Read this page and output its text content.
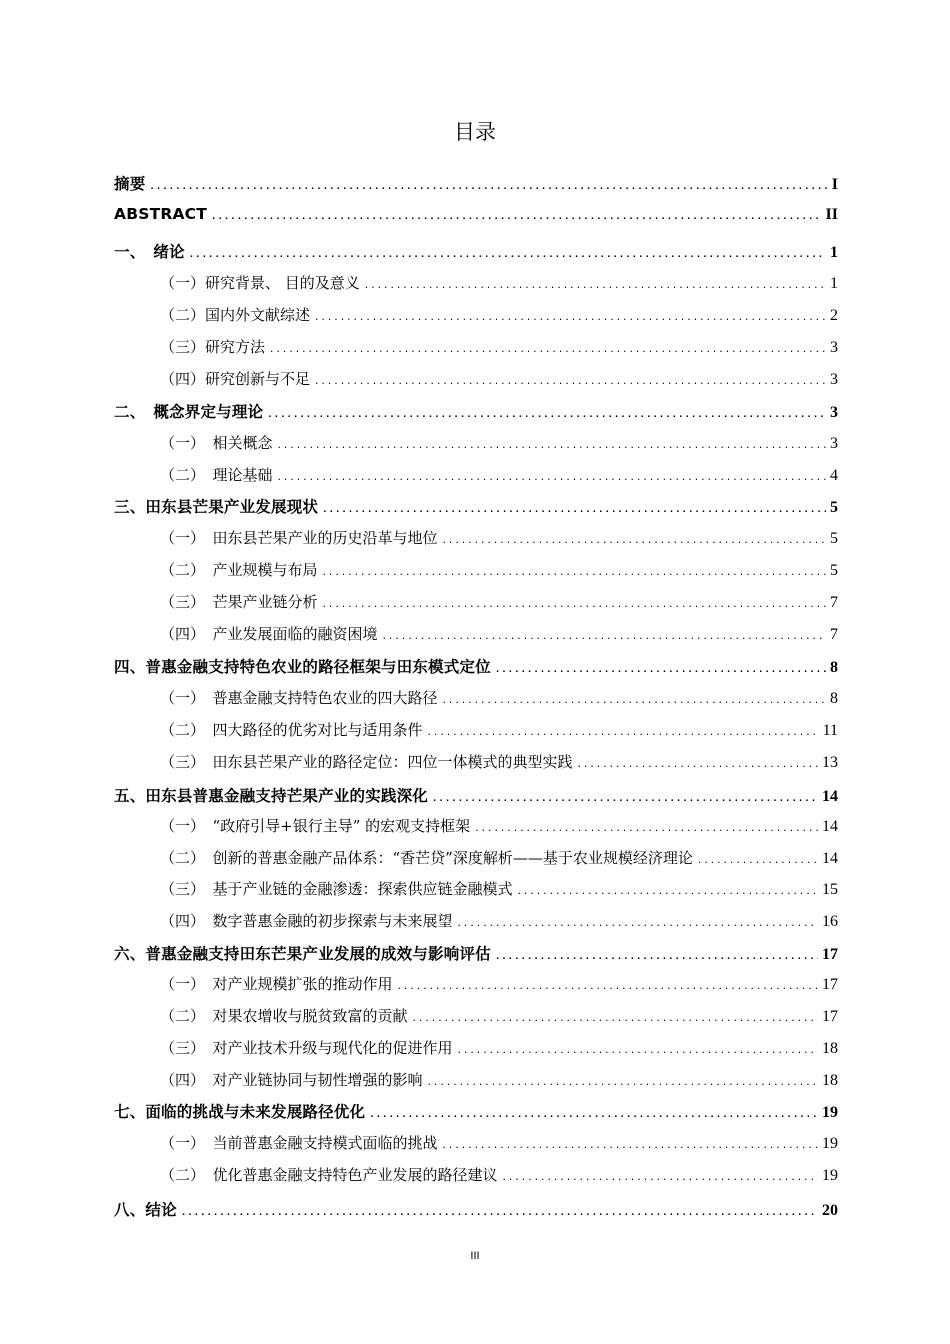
目录
摘要 .....	I
ABSTRACT .....	II
一、　绪论 .....	1
（一）研究背景、 目的及意义 .....	1
（二）国内外文献综述 .....	2
（三）研究方法 .....	3
（四）研究创新与不足 .....	3
二、　概念界定与理论 .....	3
（一）　相关概念 .....	3
（二）　理论基础 .....	4
三、田东县芒果产业发展现状 .....	5
（一）　田东县芒果产业的历史沿革与地位 .....	5
（二）　产业规模与布局 .....	5
（三）　芒果产业链分析 .....	7
（四）　产业发展面临的融资困境 .....	7
四、普惠金融支持特色农业的路径框架与田东模式定位 .....	8
（一）　普惠金融支持特色农业的四大路径 .....	8
（二）　四大路径的优劣对比与适用条件 .....	11
（三）　田东县芒果产业的路径定位：四位一体模式的典型实践 .....	13
五、田东县普惠金融支持芒果产业的实践深化 .....	14
（一）　“政府引导+银行主导” 的宏观支持框架 .....	14
（二）　创新的普惠金融产品体系：“香芒贷”深度解析——基于农业规模经济理论 .....	14
（三）　基于产业链的金融渗透：探索供应链金融模式 .....	15
（四）　数字普惠金融的初步探索与未来展望 .....	16
六、普惠金融支持田东芒果产业发展的成效与影响评估 .....	17
（一）　对产业规模扩张的推动作用 .....	17
（二）　对果农增收与脱贫致富的贡献 .....	17
（三）　对产业技术升级与现代化的促进作用 .....	18
（四）　对产业链协同与韧性增强的影响 .....	18
七、面临的挑战与未来发展路径优化 .....	19
（一）　当前普惠金融支持模式面临的挑战 .....	19
（二）　优化普惠金融支持特色产业发展的路径建议 .....	19
八、结论 .....	20
III
